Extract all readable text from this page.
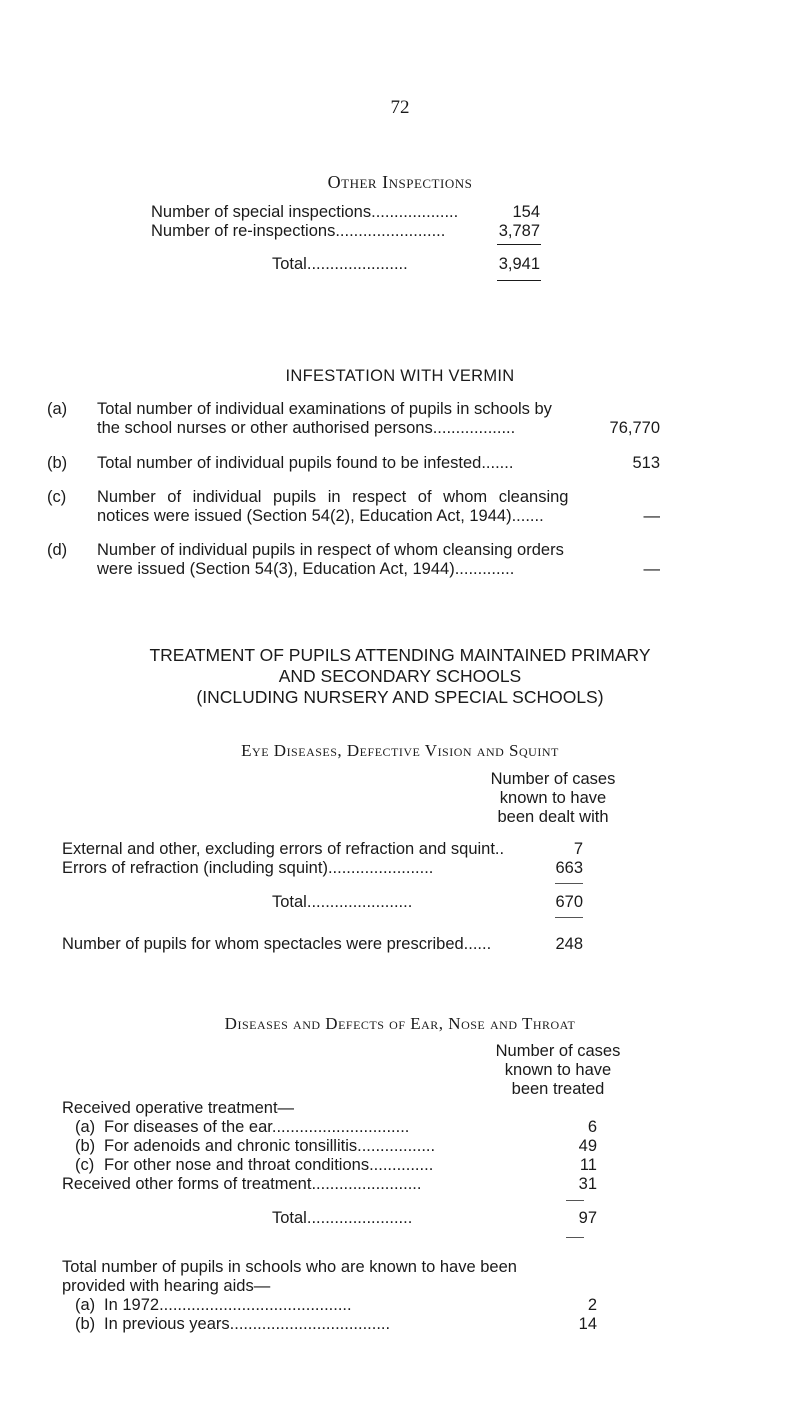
72
Other Inspections
Number of special inspections...................	154
Number of re-inspections........................	3,787
Total......................	3,941
INFESTATION WITH VERMIN
(a) Total number of individual examinations of pupils in schools by
the school nurses or other authorised persons..................	76,770
(b) Total number of individual pupils found to be infested.......	513
(c) Number of individual pupils in respect of whom cleansing
notices were issued (Section 54(2), Education Act, 1944).......	—
(d) Number of individual pupils in respect of whom cleansing orders
were issued (Section 54(3), Education Act, 1944).............	—
TREATMENT OF PUPILS ATTENDING MAINTAINED PRIMARY
AND SECONDARY SCHOOLS
(INCLUDING NURSERY AND SPECIAL SCHOOLS)
Eye Diseases, Defective Vision and Squint
Number of cases
known to have
been dealt with
External and other, excluding errors of refraction and squint..	7
Errors of refraction (including squint).......................	663
Total.......................	670
Number of pupils for whom spectacles were prescribed......	248
Diseases and Defects of Ear, Nose and Throat
Number of cases
known to have
been treated
Received operative treatment—
(a) For diseases of the ear..............................	6
(b) For adenoids and chronic tonsillitis.................	49
(c) For other nose and throat conditions..............	11
Received other forms of treatment........................	31
Total.......................	97
Total number of pupils in schools who are known to have been
provided with hearing aids—
(a) In 1972..........................................	2
(b) In previous years...................................	14
